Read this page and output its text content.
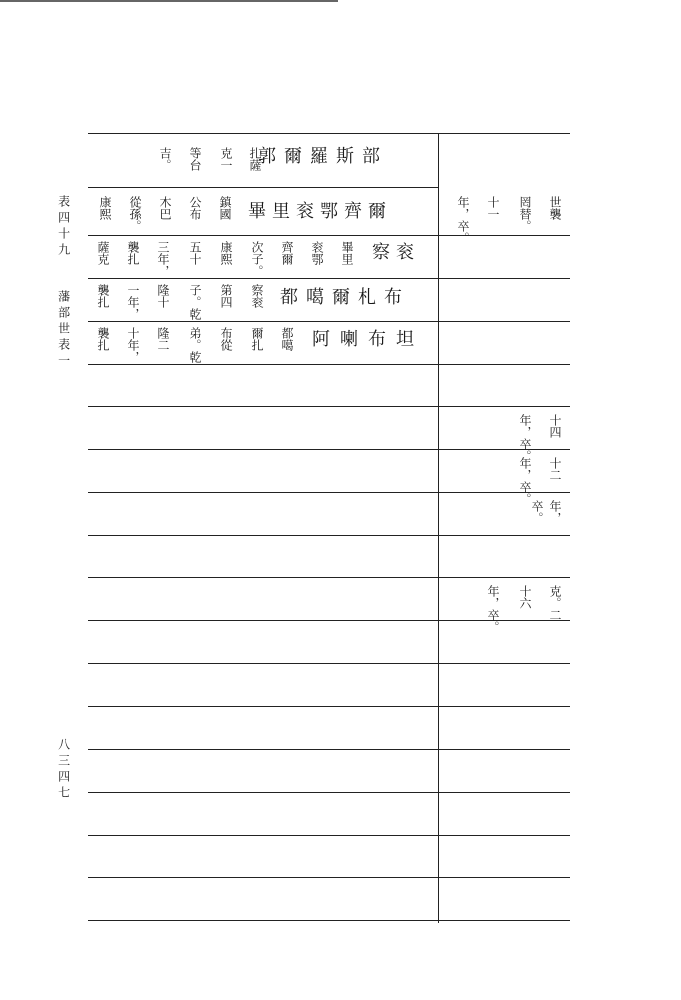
表四十九
藩部世表一
八三四七
郭爾羅斯部
扎薩
克一
等台
吉。
畢里衮鄂齊爾
鎮國
公布
木巴
從孫。
康熙	世襲
罔替。
十一
年，卒。
察衮
畢里
衮鄂
齊爾
次子。
康熙
五十
三年，
襲扎
薩克
都噶爾札布
察衮
第四
子。乾
隆十
一年，
襲扎
阿喇布坦
都噶
爾扎
布從
弟。乾
隆二
十年，
襲扎
十四
年，卒。
十二
年，卒。
年，
卒。
克。二
十六
年，卒。
